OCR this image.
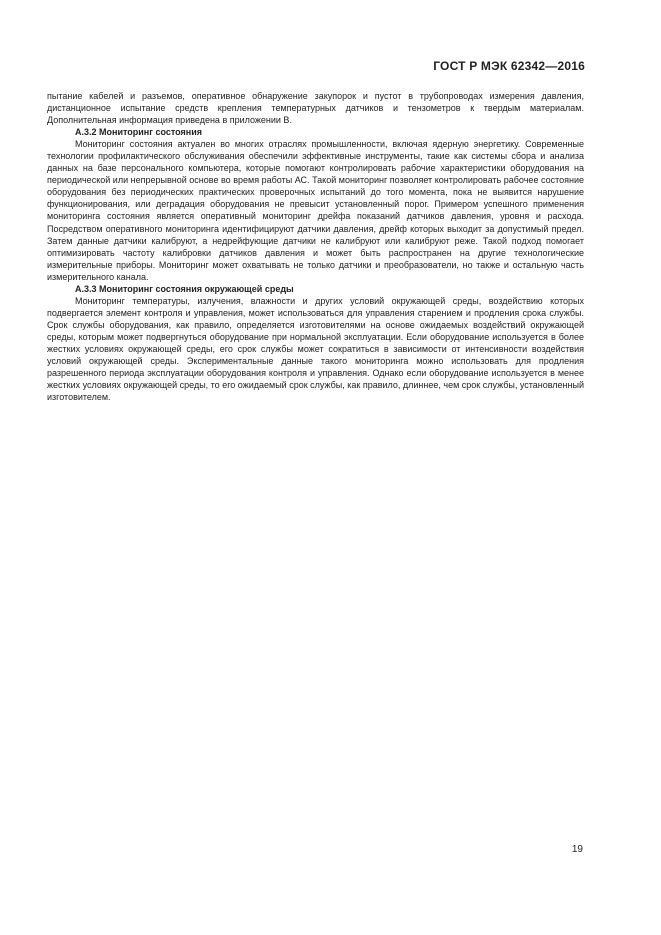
ГОСТ Р МЭК 62342—2016

пытание кабелей и разъемов, оперативное обнаружение закупорок и пустот в трубопроводах измерения давления, дистанционное испытание средств крепления температурных датчиков и тензометров к твердым материалам. Дополнительная информация приведена в приложении В.

А.3.2 Мониторинг состояния

Мониторинг состояния актуален во многих отраслях промышленности, включая ядерную энергетику. Современные технологии профилактического обслуживания обеспечили эффективные инструменты, такие как системы сбора и анализа данных на базе персонального компьютера, которые помогают контролировать рабочие характеристики оборудования на периодической или непрерывной основе во время работы АС. Такой мониторинг позволяет контролировать рабочее состояние оборудования без периодических практических проверочных испытаний до того момента, пока не выявится нарушение функционирования, или деградация оборудования не превысит установленный порог. Примером успешного применения мониторинга состояния является оперативный мониторинг дрейфа показаний датчиков давления, уровня и расхода. Посредством оперативного мониторинга идентифицируют датчики давления, дрейф которых выходит за допустимый предел. Затем данные датчики калибруют, а недрейфующие датчики не калибруют или калибруют реже. Такой подход помогает оптимизировать частоту калибровки датчиков давления и может быть распространен на другие технологические измерительные приборы. Мониторинг может охватывать не только датчики и преобразователи, но также и остальную часть измерительного канала.

А.3.3 Мониторинг состояния окружающей среды

Мониторинг температуры, излучения, влажности и других условий окружающей среды, воздействию которых подвергается элемент контроля и управления, может использоваться для управления старением и продления срока службы. Срок службы оборудования, как правило, определяется изготовителями на основе ожидаемых воздействий окружающей среды, которым может подвергнуться оборудование при нормальной эксплуатации. Если оборудование используется в более жестких условиях окружающей среды, его срок службы может сократиться в зависимости от интенсивности воздействия условий окружающей среды. Экспериментальные данные такого мониторинга можно использовать для продления разрешенного периода эксплуатации оборудования контроля и управления. Однако если оборудование используется в менее жестких условиях окружающей среды, то его ожидаемый срок службы, как правило, длиннее, чем срок службы, установленный изготовителем.

19
